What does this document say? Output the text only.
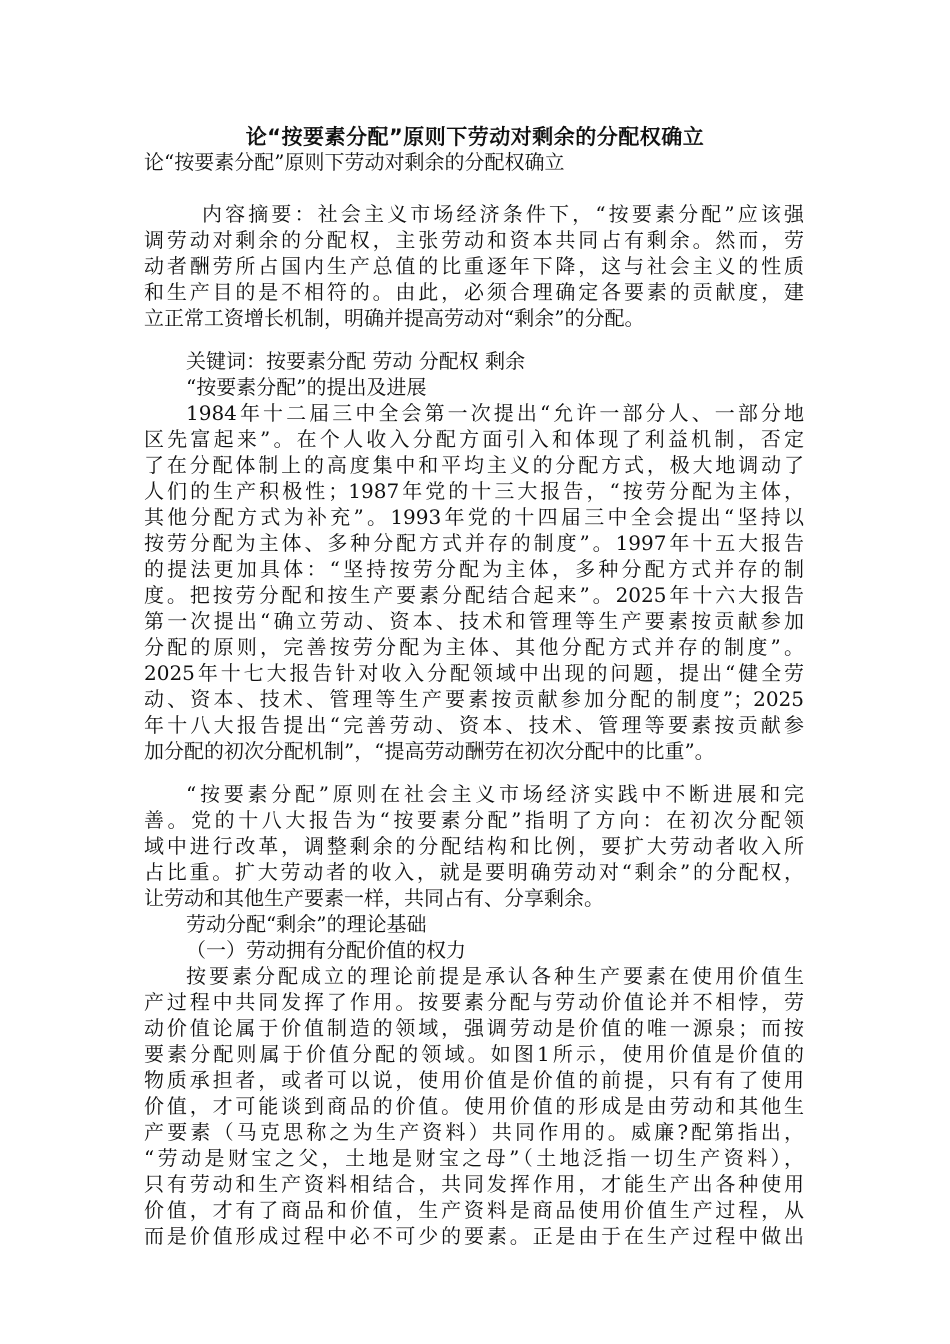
论“按要素分配”原则下劳动对剩余的分配权确立
论“按要素分配”原则下劳动对剩余的分配权确立
内容摘要：社会主义市场经济条件下，“按要素分配”应该强
调劳动对剩余的分配权，主张劳动和资本共同占有剩余。然而，劳
动者酬劳所占国内生产总值的比重逐年下降，这与社会主义的性质
和生产目的是不相符的。由此，必须合理确定各要素的贡献度，建
立正常工资增长机制，明确并提高劳动对“剩余”的分配。
关键词：按要素分配 劳动 分配权 剩余
“按要素分配”的提出及进展
1984年十二届三中全会第一次提出“允许一部分人、一部分地
区先富起来”。在个人收入分配方面引入和体现了利益机制，否定
了在分配体制上的高度集中和平均主义的分配方式，极大地调动了
人们的生产积极性；1987年党的十三大报告，“按劳分配为主体，
其他分配方式为补充”。1993年党的十四届三中全会提出“坚持以
按劳分配为主体、多种分配方式并存的制度”。1997年十五大报告
的提法更加具体：“坚持按劳分配为主体，多种分配方式并存的制
度。把按劳分配和按生产要素分配结合起来”。2025年十六大报告
第一次提出“确立劳动、资本、技术和管理等生产要素按贡献参加
分配的原则，完善按劳分配为主体、其他分配方式并存的制度”。
2025年十七大报告针对收入分配领域中出现的问题，提出“健全劳
动、资本、技术、管理等生产要素按贡献参加分配的制度”；2025
年十八大报告提出“完善劳动、资本、技术、管理等要素按贡献参
加分配的初次分配机制”，“提高劳动酬劳在初次分配中的比重”。
“按要素分配”原则在社会主义市场经济实践中不断进展和完
善。党的十八大报告为“按要素分配”指明了方向：在初次分配领
域中进行改革，调整剩余的分配结构和比例，要扩大劳动者收入所
占比重。扩大劳动者的收入，就是要明确劳动对“剩余”的分配权，
让劳动和其他生产要素一样，共同占有、分享剩余。
劳动分配“剩余”的理论基础
（一）劳动拥有分配价值的权力
按要素分配成立的理论前提是承认各种生产要素在使用价值生
产过程中共同发挥了作用。按要素分配与劳动价值论并不相悖，劳
动价值论属于价值制造的领域，强调劳动是价值的唯一源泉；而按
要素分配则属于价值分配的领域。如图1所示，使用价值是价值的
物质承担者，或者可以说，使用价值是价值的前提，只有有了使用
价值，才可能谈到商品的价值。使用价值的形成是由劳动和其他生
产要素（马克思称之为生产资料）共同作用的。威廉?配第指出，
“劳动是财宝之父，土地是财宝之母”（土地泛指一切生产资料），
只有劳动和生产资料相结合，共同发挥作用，才能生产出各种使用
价值，才有了商品和价值，生产资料是商品使用价值生产过程，从
而是价值形成过程中必不可少的要素。正是由于在生产过程中做出
